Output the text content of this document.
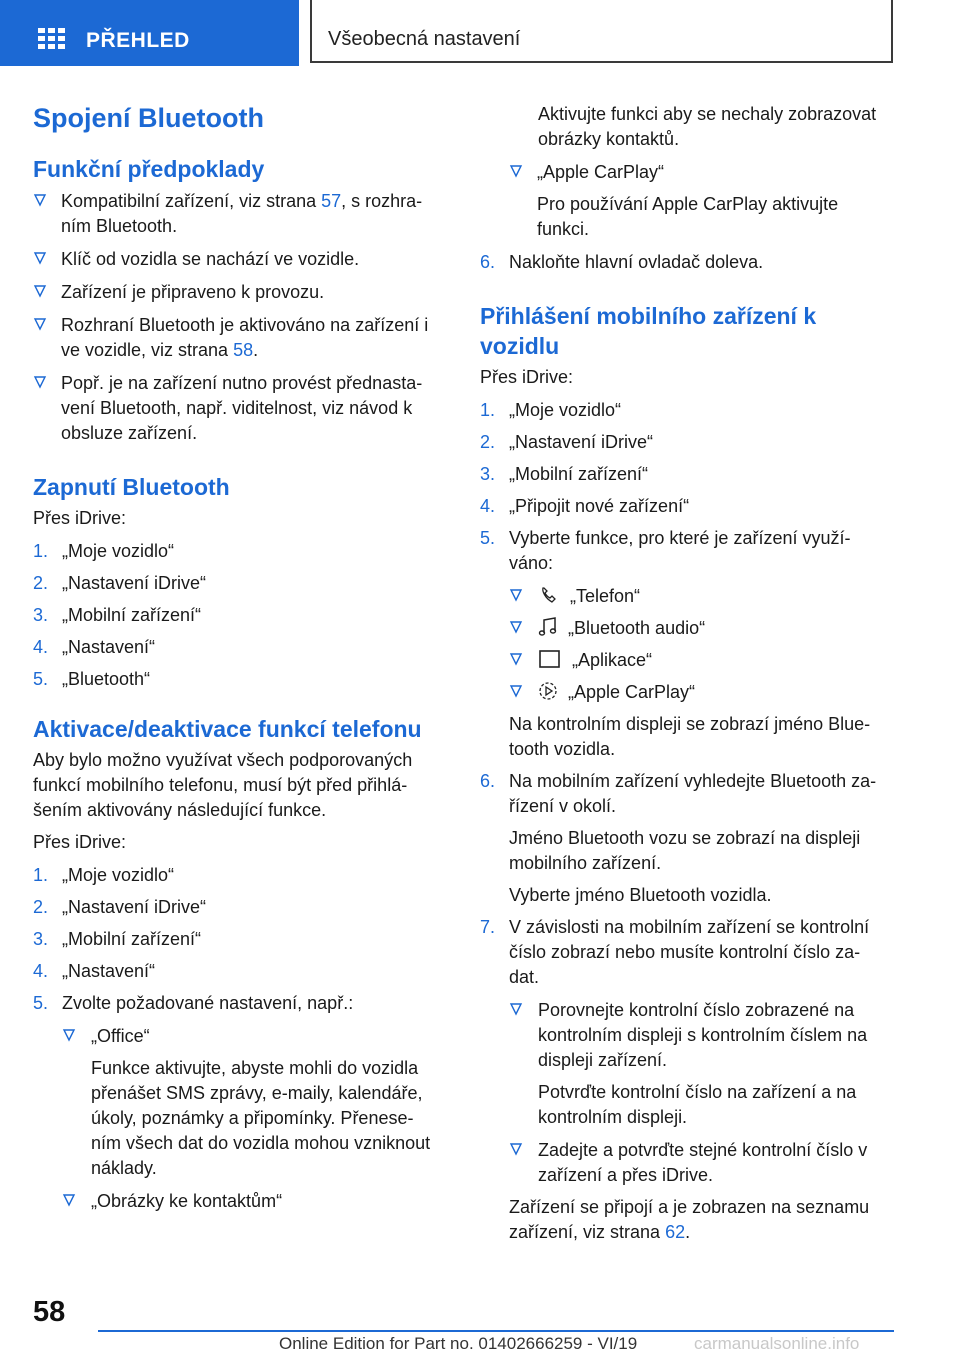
PŘEHLED	Všeobecná nastavení
Spojení Bluetooth
Funkční předpoklady
Kompatibilní zařízení, viz strana 57, s rozhra-
ním Bluetooth.
Klíč od vozidla se nachází ve vozidle.
Zařízení je připraveno k provozu.
Rozhraní Bluetooth je aktivováno na zařízení i
ve vozidle, viz strana 58.
Popř. je na zařízení nutno provést přednasta-
vení Bluetooth, např. viditelnost, viz návod k
obsluze zařízení.
Zapnutí Bluetooth

Přes iDrive:

1. „Moje vozidlo“
2. „Nastavení iDrive“
3. „Mobilní zařízení“
4. „Nastavení“
5. „Bluetooth“
Aktivace/deaktivace funkcí telefonu

Aby bylo možno využívat všech podporovaných
funkcí mobilního telefonu, musí být před přihlá-
šením aktivovány následující funkce.

Přes iDrive:

1. „Moje vozidlo“
2. „Nastavení iDrive“
3. „Mobilní zařízení“
4. „Nastavení“
5. Zvolte požadované nastavení, např.:
„Office“
Funkce aktivujte, abyste mohli do vozidla
přenášet SMS zprávy, e-maily, kalendáře,
úkoly, poznámky a připomínky. Přenese-
ním všech dat do vozidla mohou vzniknout
náklady.
„Obrázky ke kontaktům“

Aktivujte funkci aby se nechaly zobrazovat
obrázky kontaktů.

„Apple CarPlay“
Pro používání Apple CarPlay aktivujte
funkci.
6. Nakloňte hlavní ovladač doleva.
Přihlášení mobilního zařízení k
vozidlu

Přes iDrive:

1. „Moje vozidlo“
2. „Nastavení iDrive“
3. „Mobilní zařízení“
4. „Připojit nové zařízení“
5. Vyberte funkce, pro které je zařízení využí-
váno:
„Telefon“
„Bluetooth audio“
„Aplikace“
„Apple CarPlay“
Na kontrolním displeji se zobrazí jméno Blue-
tooth vozidla.
6. Na mobilním zařízení vyhledejte Bluetooth za-
řízení v okolí.
Jméno Bluetooth vozu se zobrazí na displeji
mobilního zařízení.
Vyberte jméno Bluetooth vozidla.
7. V závislosti na mobilním zařízení se kontrolní
číslo zobrazí nebo musíte kontrolní číslo za-
dat.
Porovnejte kontrolní číslo zobrazené na
kontrolním displeji s kontrolním číslem na
displeji zařízení.
Potvrďte kontrolní číslo na zařízení a na
kontrolním displeji.
Zadejte a potvrďte stejné kontrolní číslo v
zařízení a přes iDrive.
Zařízení se připojí a je zobrazen na seznamu
zařízení, viz strana 62.
58
Online Edition for Part no. 01402666259 - VI/19	carmanualsonline.info
